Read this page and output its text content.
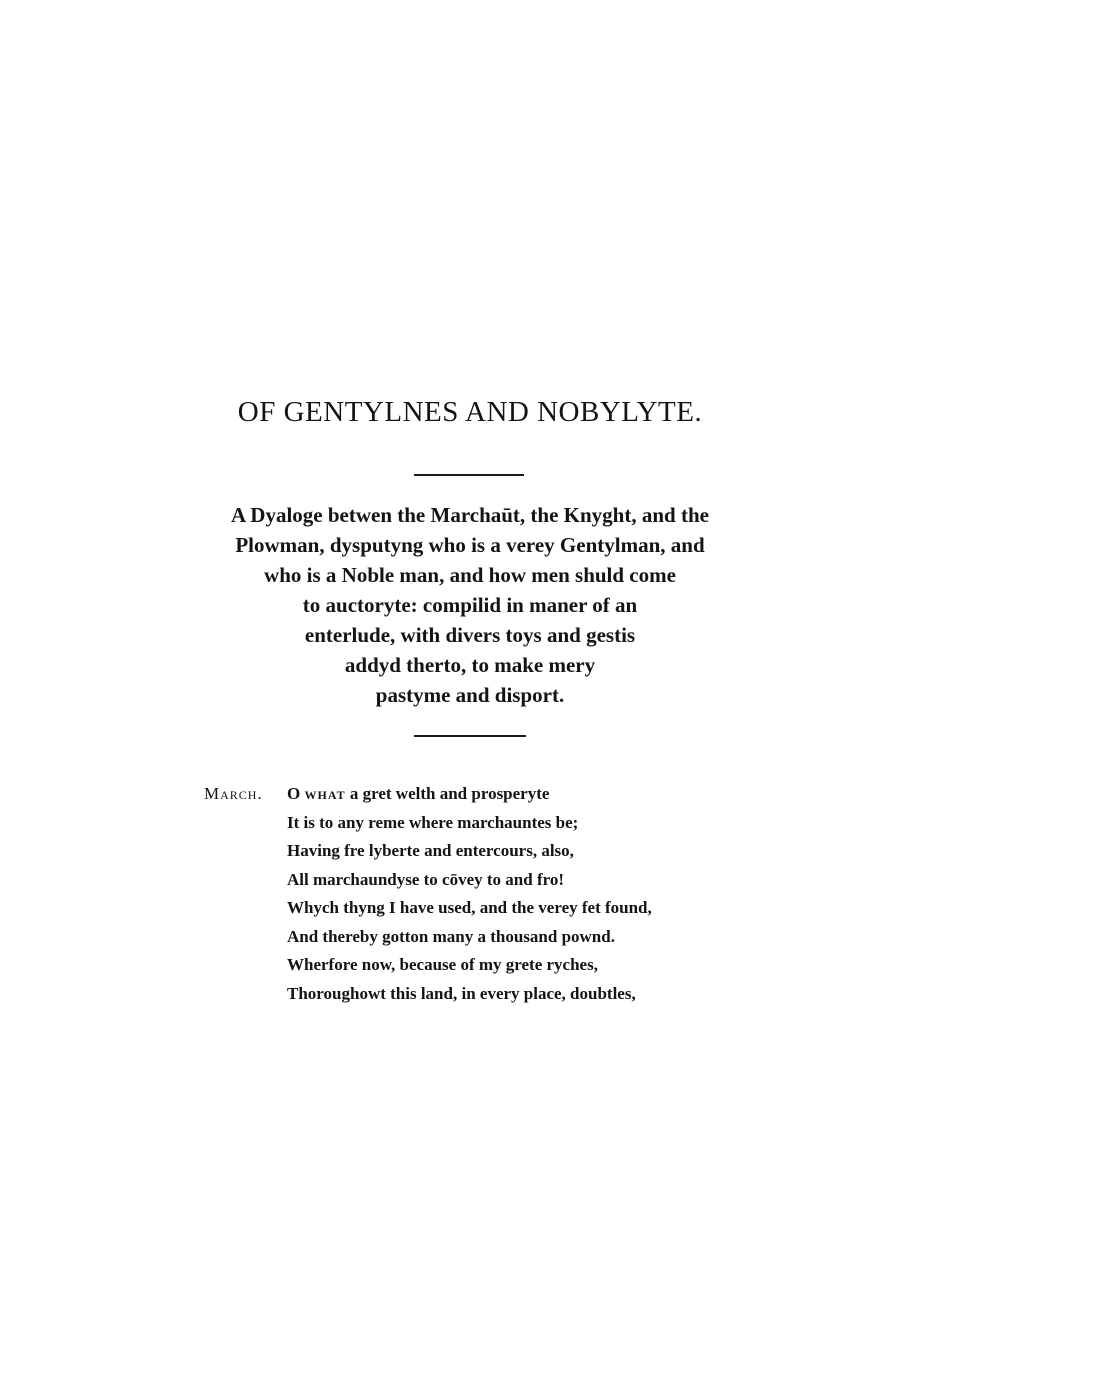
OF GENTYLNES AND NOBYLYTE.
A Dyaloge betwen the Marchaūt, the Knyght, and the
Plowman, dysputyng who is a verey Gentylman, and
who is a Noble man, and how men shuld come
to auctoryte: compilid in maner of an
enterlude, with divers toys and gestis
addyd therto, to make mery
pastyme and disport.
March. O what a gret welth and prosperyte
It is to any reme where marchauntes be;
Having fre lyberte and entercours, also,
All marchaundyse to cōvey to and fro!
Whych thyng I have used, and the verey fet found,
And thereby gotton many a thousand pownd.
Wherfore now, because of my grete ryches,
Thoroughowt this land, in every place, doubtles,
